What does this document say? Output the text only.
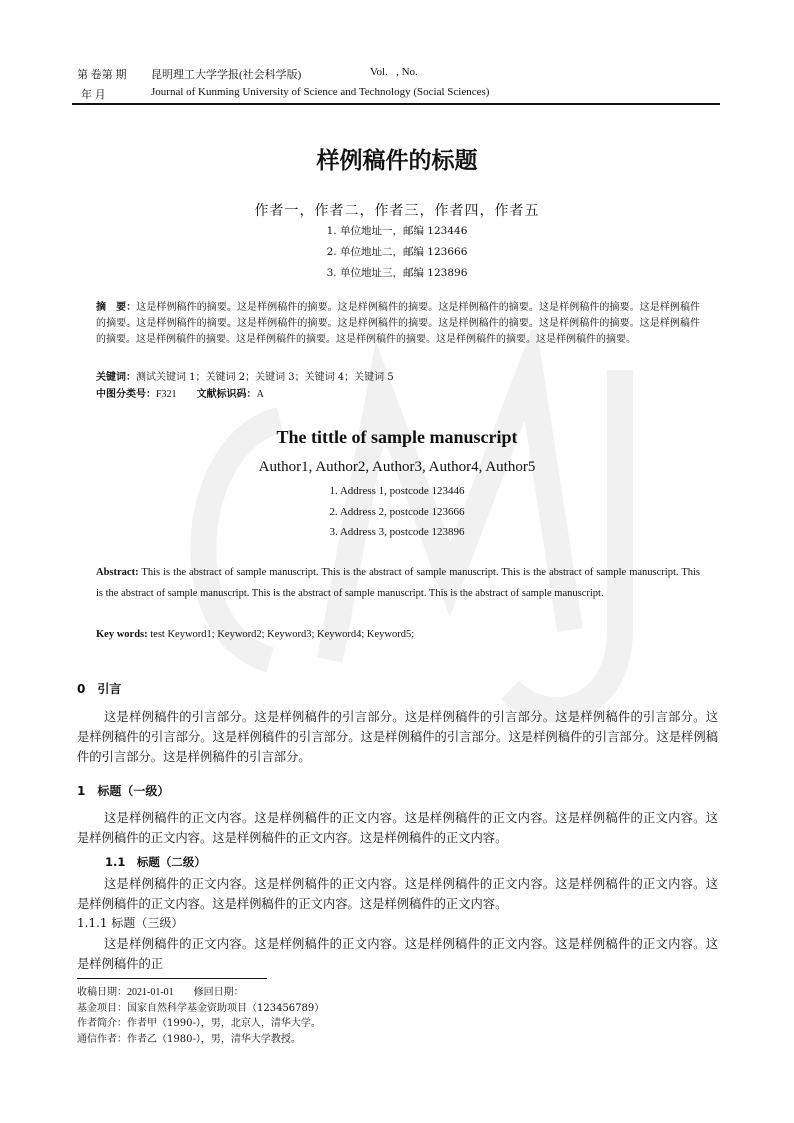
第 卷第 期 昆明理工大学学报(社会科学版)	Vol.   , No.
年 月	Journal of Kunming University of Science and Technology (Social Sciences)
样例稿件的标题
作者一，作者二，作者三，作者四，作者五
1. 单位地址一，邮编 123446
2. 单位地址二，邮编 123666
3. 单位地址三，邮编 123896
摘　要：这是样例稿件的摘要。这是样例稿件的摘要。这是样例稿件的摘要。这是样例稿件的摘要。这是样例稿件的摘要。这是样例稿件的摘要。这是样例稿件的摘要。这是样例稿件的摘要。这是样例稿件的摘要。这是样例稿件的摘要。这是样例稿件的摘要。这是样例稿件的摘要。这是样例稿件的摘要。这是样例稿件的摘要。这是样例稿件的摘要。这是样例稿件的摘要。这是样例稿件的摘要。
关键词：测试关键词 1；关键词 2；关键词 3；关键词 4；关键词 5
中图分类号：F321　　 文献标识码：A
The tittle of sample manuscript
Author1, Author2, Author3, Author4, Author5
1. Address 1, postcode 123446
2. Address 2, postcode 123666
3. Address 3, postcode 123896
Abstract: This is the abstract of sample manuscript. This is the abstract of sample manuscript. This is the abstract of sample manuscript. This is the abstract of sample manuscript. This is the abstract of sample manuscript. This is the abstract of sample manuscript.
Key words: test Keyword1; Keyword2; Keyword3; Keyword4; Keyword5;
0　引言
这是样例稿件的引言部分。这是样例稿件的引言部分。这是样例稿件的引言部分。这是样例稿件的引言部分。这是样例稿件的引言部分。这是样例稿件的引言部分。这是样例稿件的引言部分。这是样例稿件的引言部分。这是样例稿件的引言部分。这是样例稿件的引言部分。
1　标题（一级）
这是样例稿件的正文内容。这是样例稿件的正文内容。这是样例稿件的正文内容。这是样例稿件的正文内容。这是样例稿件的正文内容。这是样例稿件的正文内容。这是样例稿件的正文内容。
1.1　标题（二级）
这是样例稿件的正文内容。这是样例稿件的正文内容。这是样例稿件的正文内容。这是样例稿件的正文内容。这是样例稿件的正文内容。这是样例稿件的正文内容。这是样例稿件的正文内容。
1.1.1 标题（三级）
这是样例稿件的正文内容。这是样例稿件的正文内容。这是样例稿件的正文内容。这是样例稿件的正文内容。这是样例稿件的正
收稿日期：2021-01-01　　修回日期：
基金项目：国家自然科学基金资助项目（123456789）
作者简介：作者甲（1990-），男，北京人，清华大学。
通信作者：作者乙（1980-），男，清华大学教授。
